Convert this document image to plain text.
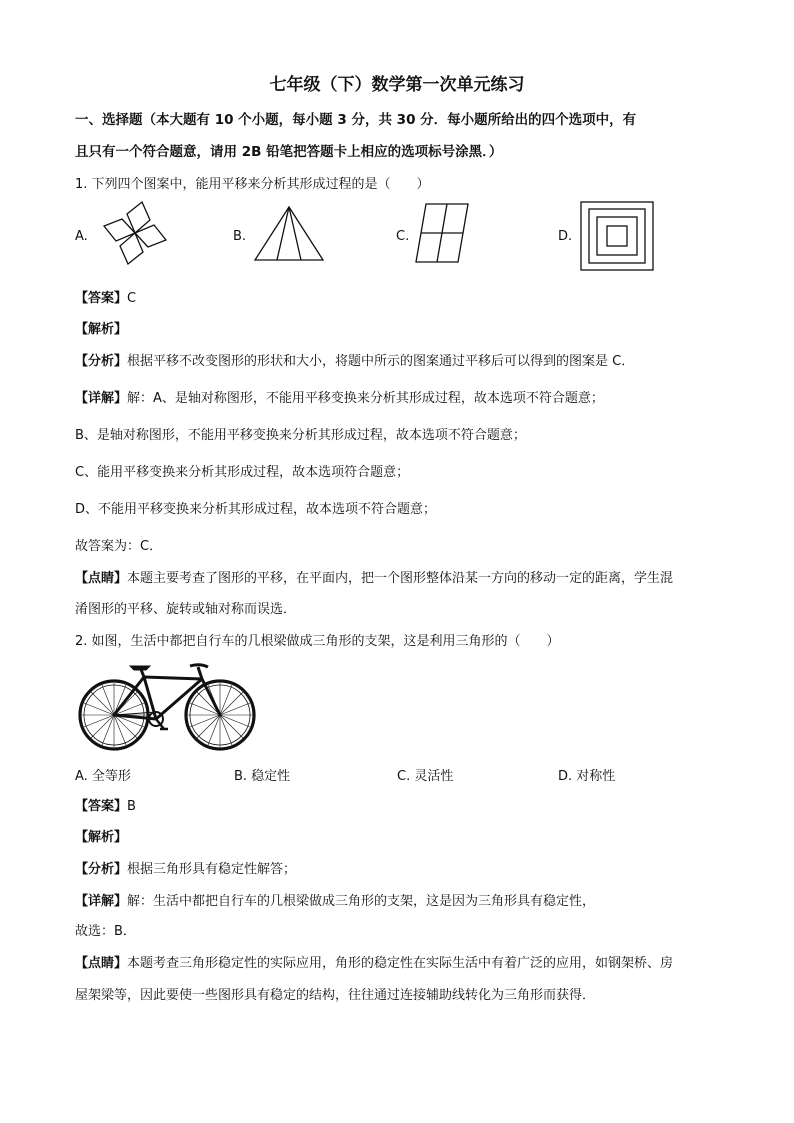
七年级（下）数学第一次单元练习
一、选择题（本大题有 10 个小题，每小题 3 分，共 30 分．每小题所给出的四个选项中，有
且只有一个符合题意，请用 2B 铅笔把答题卡上相应的选项标号涂黑．）
1. 下列四个图案中，能用平移来分析其形成过程的是（　　）
A.	B.	C.	D.
【答案】C
【解析】
【分析】根据平移不改变图形的形状和大小，将题中所示的图案通过平移后可以得到的图案是 C．
【详解】解：A、是轴对称图形，不能用平移变换来分析其形成过程，故本选项不符合题意；
B、是轴对称图形，不能用平移变换来分析其形成过程，故本选项不符合题意；
C、能用平移变换来分析其形成过程，故本选项符合题意；
D、不能用平移变换来分析其形成过程，故本选项不符合题意；
故答案为：C．
【点睛】本题主要考查了图形的平移，在平面内，把一个图形整体沿某一方向的移动一定的距离，学生混
淆图形的平移、旋转或轴对称而误选．
2. 如图，生活中都把自行车的几根梁做成三角形的支架，这是利用三角形的（　　）
A. 全等形	B. 稳定性	C. 灵活性	D. 对称性
【答案】B
【解析】
【分析】根据三角形具有稳定性解答；
【详解】解：生活中都把自行车的几根梁做成三角形的支架，这是因为三角形具有稳定性，
故选：B．
【点睛】本题考查三角形稳定性的实际应用，角形的稳定性在实际生活中有着广泛的应用，如钢架桥、房
屋架梁等，因此要使一些图形具有稳定的结构，往往通过连接辅助线转化为三角形而获得．
